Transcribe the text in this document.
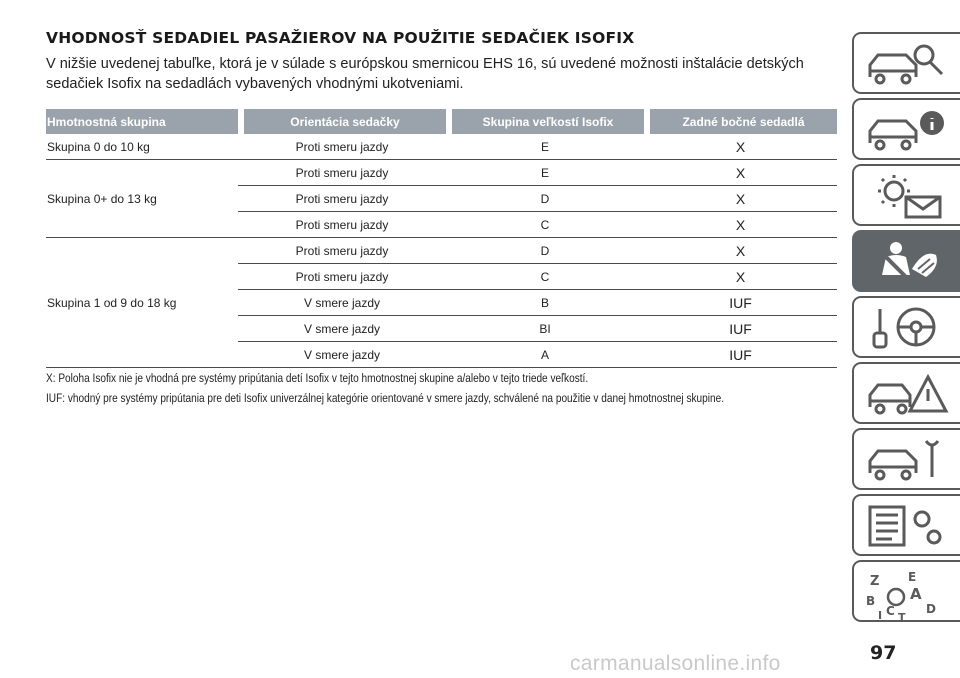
VHODNOSŤ SEDADIEL PASAŽIEROV NA POUŽITIE SEDAČIEK ISOFIX
V nižšie uvedenej tabuľke, ktorá je v súlade s európskou smernicou EHS 16, sú uvedené možnosti inštalácie detských sedačiek Isofix na sedadlách vybavených vhodnými ukotveniami.
Hmotnostná skupina	Orientácia sedačky	Skupina veľkostí Isofix	Zadné bočné sedadlá
Skupina 0 do 10 kg	Proti smeru jazdy	E	X
Skupina 0+ do 13 kg	Proti smeru jazdy	E	X
	Proti smeru jazdy	D	X
	Proti smeru jazdy	C	X
Skupina 1 od 9 do 18 kg	Proti smeru jazdy	D	X
	Proti smeru jazdy	C	X
	V smere jazdy	B	IUF
	V smere jazdy	BI	IUF
	V smere jazdy	A	IUF
X: Poloha Isofix nie je vhodná pre systémy pripútania detí Isofix v tejto hmotnostnej skupine a/alebo v tejto triede veľkostí.
IUF: vhodný pre systémy pripútania pre deti Isofix univerzálnej kategórie orientované v smere jazdy, schválené na použitie v danej hmotnostnej skupine.
Z E
B A
D
C T
I
97
carmanualsonline.info
